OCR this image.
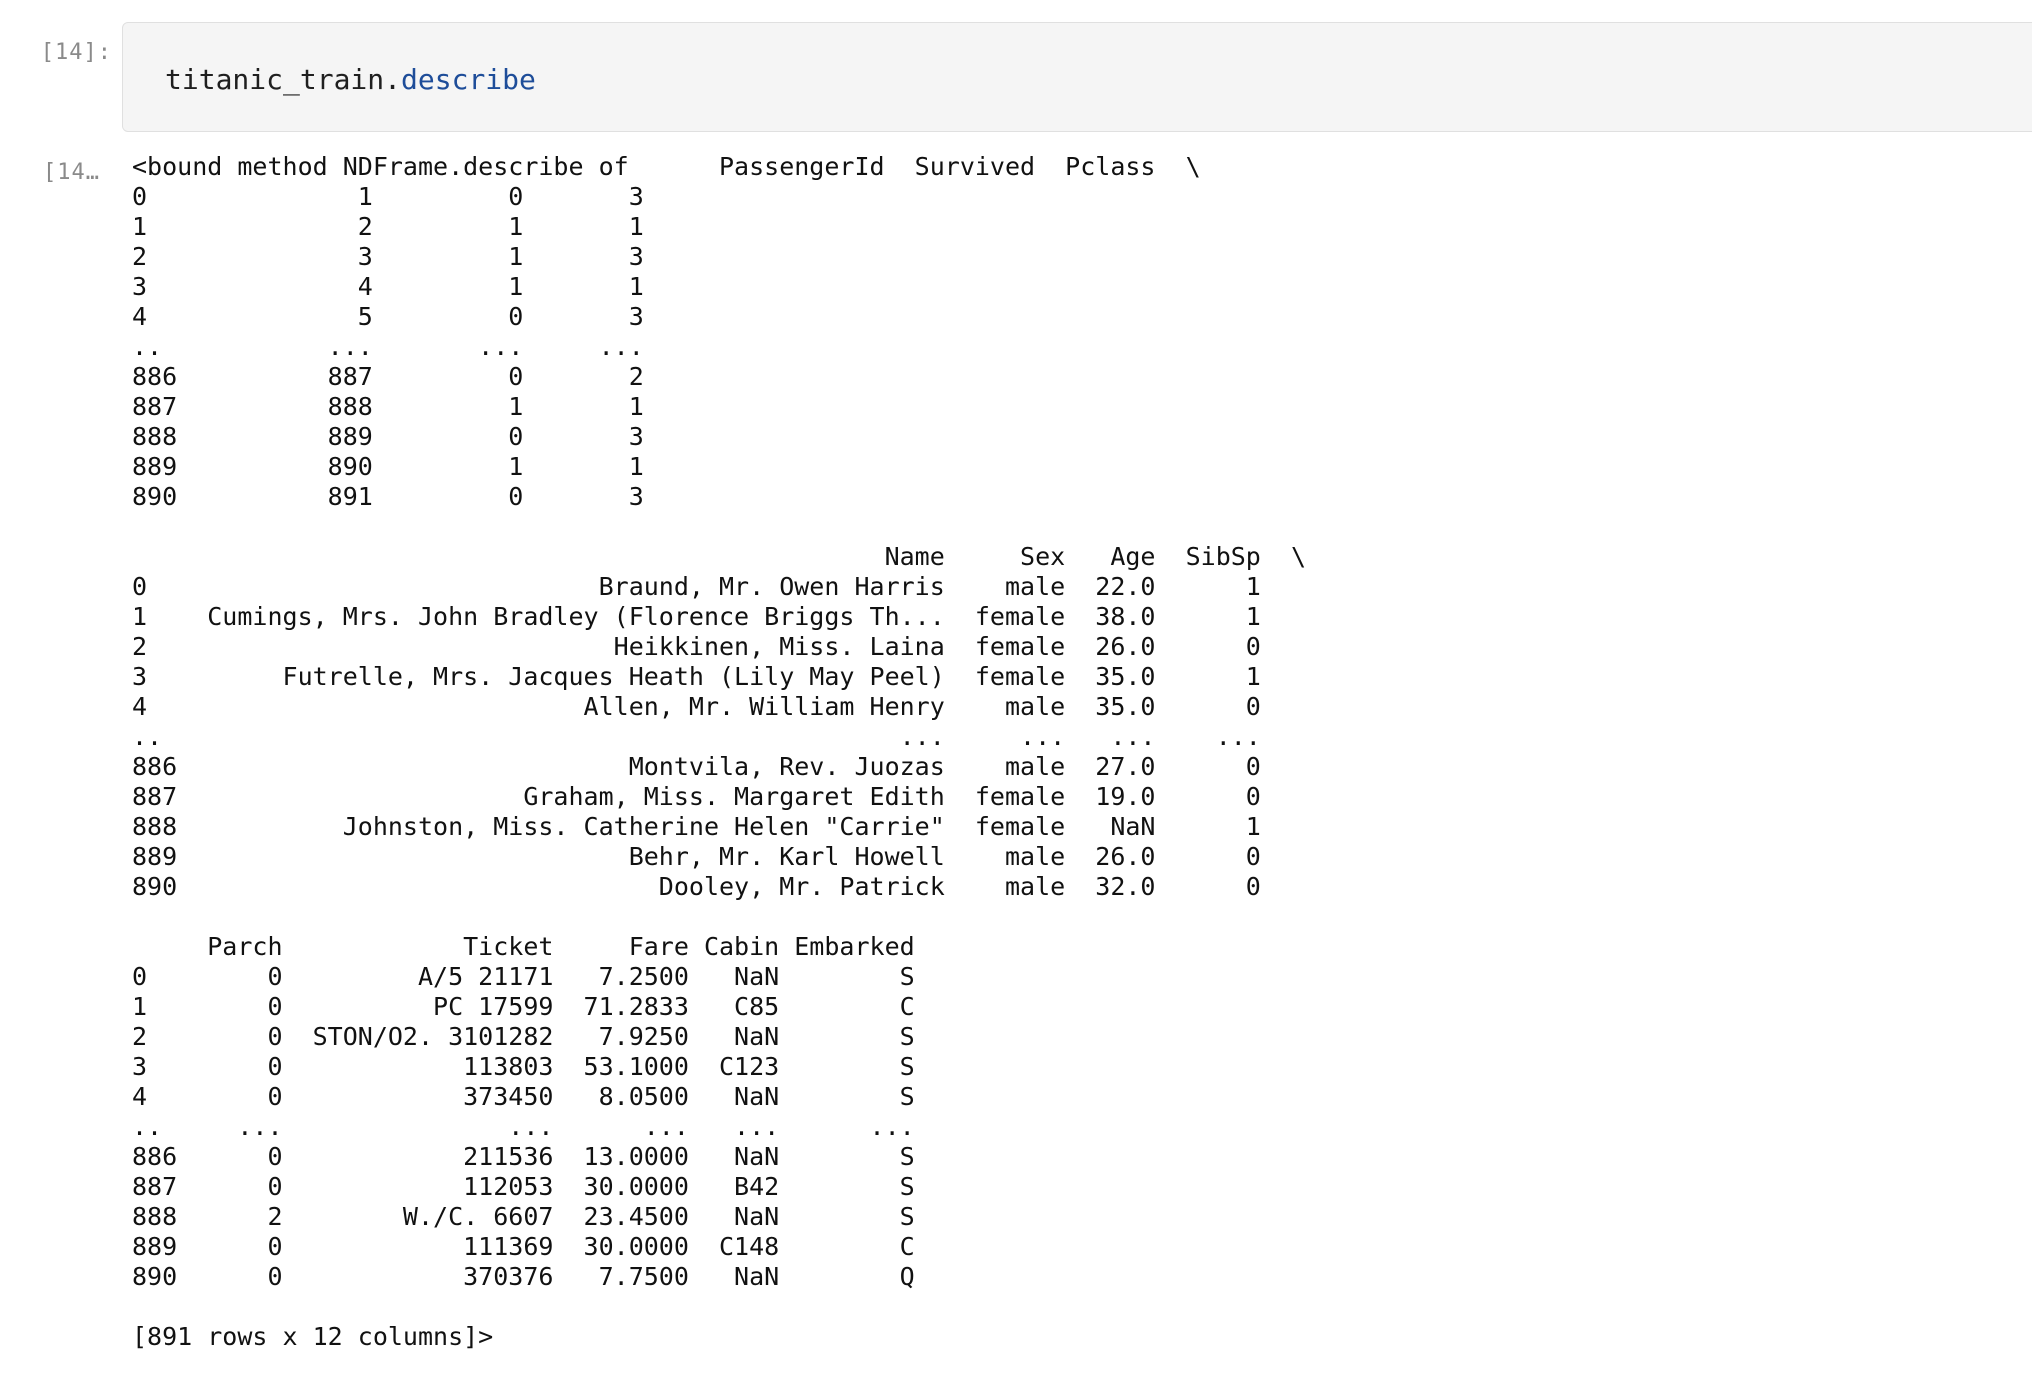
[14]:
titanic_train.describe
[14… <bound method NDFrame.describe of      PassengerId  Survived  Pclass  \
0              1         0       3
1              2         1       1
2              3         1       3
3              4         1       1
4              5         0       3
..           ...       ...     ...
886          887         0       2
887          888         1       1
888          889         0       3
889          890         1       1
890          891         0       3

Name     Sex   Age  SibSp  \
0                              Braund, Mr. Owen Harris    male  22.0      1
1    Cumings, Mrs. John Bradley (Florence Briggs Th...  female  38.0      1
2                               Heikkinen, Miss. Laina  female  26.0      0
3         Futrelle, Mrs. Jacques Heath (Lily May Peel)  female  35.0      1
4                             Allen, Mr. William Henry    male  35.0      0
..                                                 ...     ...   ...    ...
886                              Montvila, Rev. Juozas    male  27.0      0
887                       Graham, Miss. Margaret Edith  female  19.0      0
888           Johnston, Miss. Catherine Helen "Carrie"  female   NaN      1
889                              Behr, Mr. Karl Howell    male  26.0      0
890                                Dooley, Mr. Patrick    male  32.0      0

Parch            Ticket     Fare Cabin Embarked
0        0         A/5 21171   7.2500   NaN        S
1        0          PC 17599  71.2833   C85        C
2        0  STON/O2. 3101282   7.9250   NaN        S
3        0            113803  53.1000  C123        S
4        0            373450   8.0500   NaN        S
..     ...               ...      ...   ...      ...
886      0            211536  13.0000   NaN        S
887      0            112053  30.0000   B42        S
888      2        W./C. 6607  23.4500   NaN        S
889      0            111369  30.0000  C148        C
890      0            370376   7.7500   NaN        Q

[891 rows x 12 columns]>
